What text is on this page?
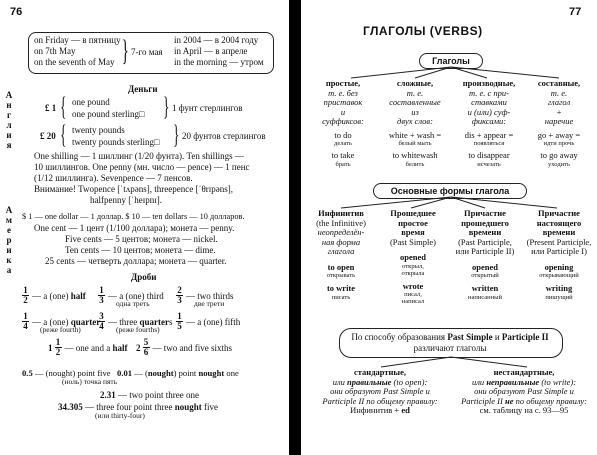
76
on Friday — в пятницу
on 7th May
on the seventh of May } 7-го мая
in 2004 — в 2004 году
in April — в апреле
in the morning — утром
А
н
г
л
и
я
А
м
е
р
и
к
а
Деньги
£ 1 { one pound
one pound sterling□ } 1 фунт стерлингов
£ 20 { twenty pounds
twenty pounds sterling□ } 20 фунтов стерлингов
One shilling — 1 шиллинг (1/20 фунта). Ten shillings —
10 шиллингов. One penny (мн. число — pence) — 1 пенс
(1/12 шиллинга). Sevenpence — 7 пенсов.
Внимание! Twopence [ˈtʌpəns], threepence [ˈθrɪpəns],
halfpenny [ˈheɪpnɪ].
$ 1 — one dollar — 1 доллар. $ 10 — ten dollars — 10 долларов.
One cent — 1 цент (1/100 доллара); монета — penny.
Five cents — 5 центов; монета — nickel.
Ten cents — 10 центов; монета — dime.
25 cents — четверть доллара; монета — quarter.
Дроби
1
2 — a (one) half
1
3 — a (one) third
одна треть
2
3 — two thirds
две трети
1
4 — a (one) quarter
(реже fourth)
3
4 — three quarters
(реже fourths)
1
5 — a (one) fifth
1
1
2 — one and a half 2
5
6 — two and five sixths
0.5 — (nought) point five   0.01 — (nought) point nought one
(ноль) точка пять
2.31 — two point three one
34.305 — three four point three nought five
(или thirty-four)
77
ГЛАГОЛЫ (VERBS)
Глаголы
простые,
т. е. без
приставок
и
суффиксов:
to do
делать
to take
брать
сложные,
т. е.
составленные
из
двух слов:
white + wash =
белый мыть
to whitewash
белить
производные,
т. е. с при-
ставками
и (или) суф-
фиксами:
dis + appear =
появляться
to disappear
исчезать
составные,
т. е.
глагол
+
наречие
go + away =
идти прочь
to go away
уходить
Основные формы глагола
Инфинитив
(the Infinitive)
неопределён-
ная форма
глагола
to open
открывать
to write
писать
Прошедшее
простое
время
(Past Simple)
opened
открыл,
открыла
wrote
писал,
написал
Причастие
прошедшего
времени
(Past Participle,
или Participle II)
opened
открытый
written
написанный
Причастие
настоящего
времени
(Present Participle,
или Participle I)
opening
открывающий
writing
пишущий
По способу образования Past Simple и Participle II
различают глаголы
стандартные,
или правильные (to open):
они образуют Past Simple и
Participle II по общему правилу:
Инфинитив + ed
нестандартные,
или неправильные (to write):
они образуют Past Simple и
Participle II не по общему правилу:
см. таблицу на с. 93—95
